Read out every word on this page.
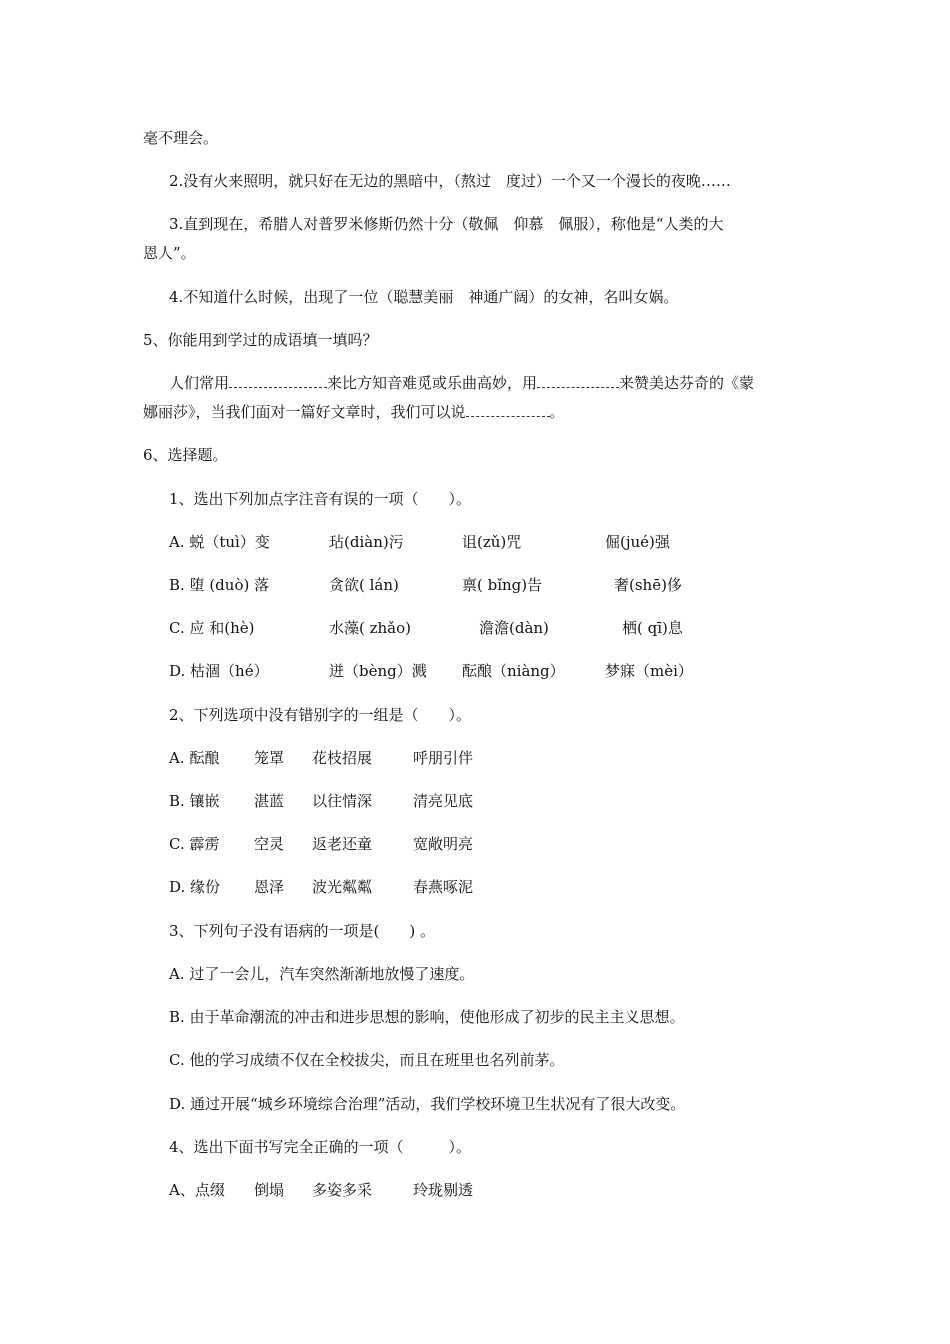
毫不理会。
2.没有火来照明，就只好在无边的黑暗中，（熬过　度过）一个又一个漫长的夜晚……
3.直到现在，希腊人对普罗米修斯仍然十分（敬佩　仰慕　佩服），称他是“人类的大
恩人”。
4.不知道什么时候，出现了一位（聪慧美丽　神通广阔）的女神，名叫女娲。
5、你能用到学过的成语填一填吗？
人们常用	来比方知音难觅或乐曲高妙，用	来赞美达芬奇的《蒙
娜丽莎》，当我们面对一篇好文章时，我们可以说	。
6、选择题。
1、选出下列加点字注音有误的一项（　　）。
A. 蜕（tuì）变	玷(diàn)污	诅(zǔ)咒	倔(jué)强
B. 堕 (duò) 落	贪欲( lán)	禀( bǐng)告	奢(shē)侈
C. 应 和(hè)	水藻( zhǎo)	澹澹(dàn)	栖( qī)息
D. 枯涸（hé）	迸（bèng）溅 酝酿（niàng）	梦寐（mèi）
2、下列选项中没有错别字的一组是（　　）。
A. 酝酿 笼罩 花枝招展	呼朋引伴
B. 镶嵌 湛蓝 以往情深	清亮见底
C. 霹雳 空灵 返老还童	宽敞明亮
D. 缘份 恩泽 波光粼粼	春燕啄泥
3、下列句子没有语病的一项是(　　) 。
A. 过了一会儿，汽车突然渐渐地放慢了速度。
B. 由于革命潮流的冲击和进步思想的影响，使他形成了初步的民主主义思想。
C. 他的学习成绩不仅在全校拔尖，而且在班里也名列前茅。
D. 通过开展“城乡环境综合治理”活动，我们学校环境卫生状况有了很大改变。
4、选出下面书写完全正确的一项（　　　）。
A、点缀 倒塌 多姿多采	玲珑剔透
